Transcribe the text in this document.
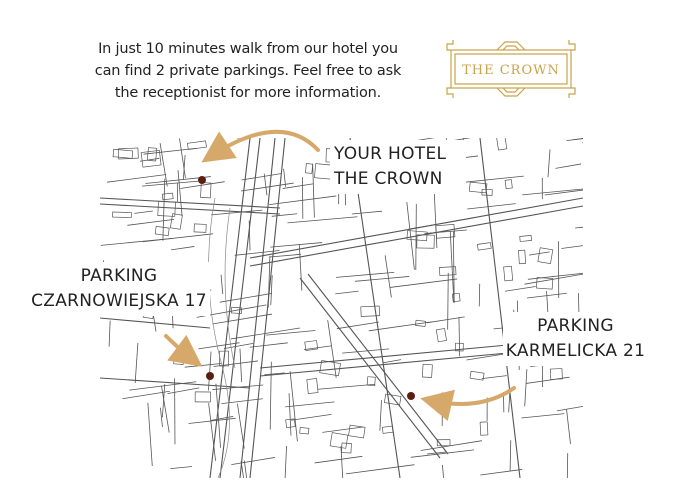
In just 10 minutes walk from our hotel you
can find 2 private parkings. Feel free to ask
the receptionist for more information.
THE CROWN
YOUR HOTEL
THE CROWN
PARKING
CZARNOWIEJSKA 17
PARKING
KARMELICKA 21
